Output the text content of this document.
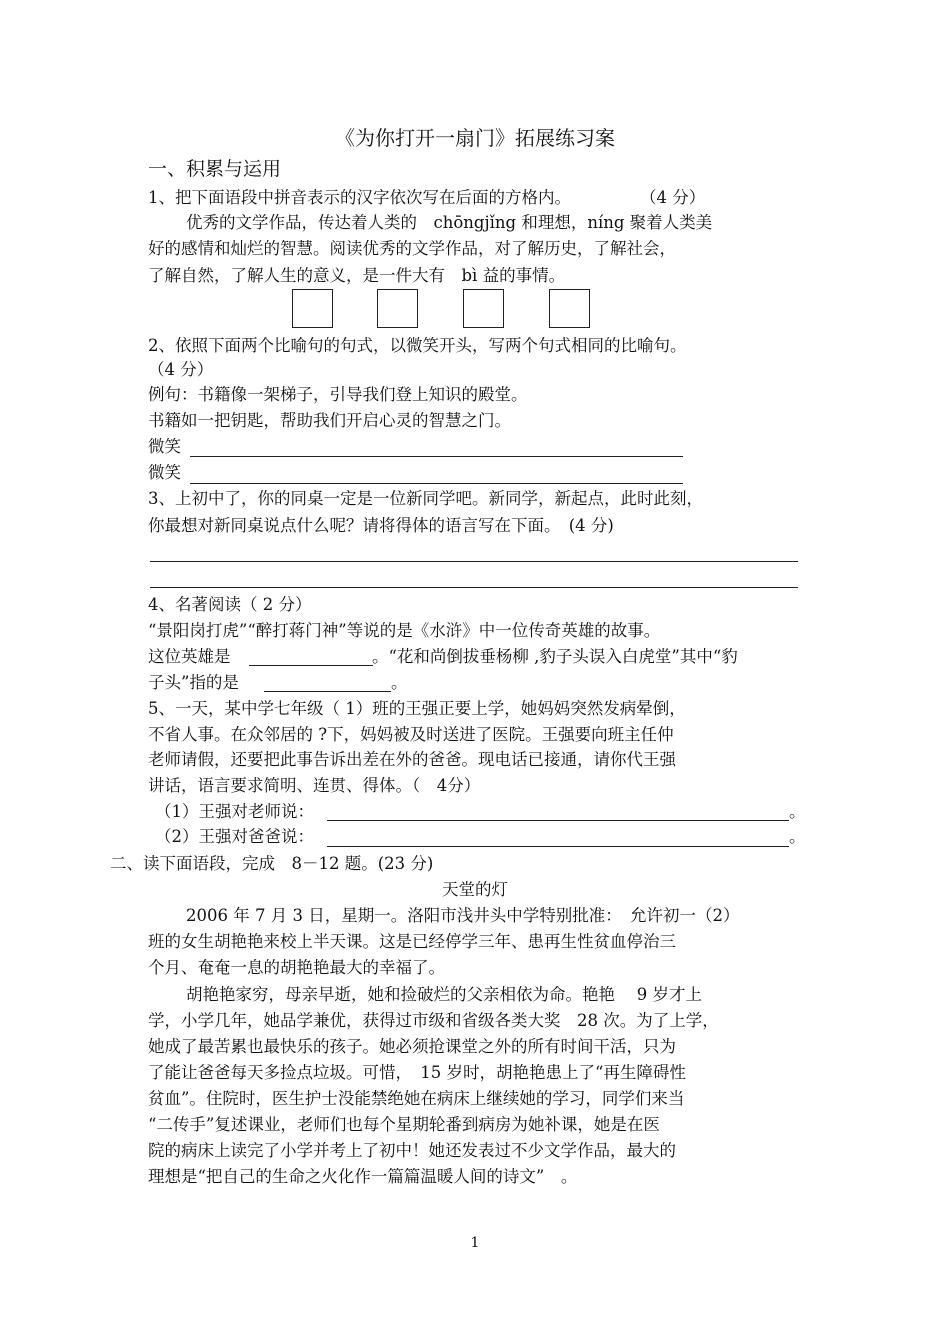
《为你打开一扇门》拓展练习案
一、积累与运用
1、把下面语段中拼音表示的汉字依次写在后面的方格内。	（4 分）
优秀的文学作品，传达着人类的　chōngjǐng 和理想，níng 聚着人类美
好的感情和灿烂的智慧。阅读优秀的文学作品，对了解历史，了解社会，
了解自然，了解人生的意义，是一件大有　bì 益的事情。
2、依照下面两个比喻句的句式，以微笑开头，写两个句式相同的比喻句。
（4 分）
例句：书籍像一架梯子，引导我们登上知识的殿堂。
书籍如一把钥匙，帮助我们开启心灵的智慧之门。
微笑
微笑
3、上初中了，你的同桌一定是一位新同学吧。新同学，新起点，此时此刻，
你最想对新同桌说点什么呢？请将得体的语言写在下面。　(4 分)
4、名著阅读（ 2 分）
“景阳岗打虎”“醉打蒋门神”等说的是《水浒》中一位传奇英雄的故事。
这位英雄是	。“花和尚倒拔垂杨柳 ,豹子头误入白虎堂”其中“豹
子头”指的是	。
5、一天，某中学七年级（ 1）班的王强正要上学，她妈妈突然发病晕倒，
不省人事。在众邻居的 ?下，妈妈被及时送进了医院。王强要向班主任仲
老师请假，还要把此事告诉出差在外的爸爸。现电话已接通，请你代王强
讲话，语言要求简明、连贯、得体。（　4分）
（1）王强对老师说：	。
（2）王强对爸爸说：	。
二、读下面语段，完成　8－12 题。(23 分)
天堂的灯
2006 年 7 月 3 日，星期一。洛阳市浅井头中学特别批准：　允许初一（2）
班的女生胡艳艳来校上半天课。这是已经停学三年、患再生性贫血停治三
个月、奄奄一息的胡艳艳最大的幸福了。
胡艳艳家穷，母亲早逝，她和捡破烂的父亲相依为命。艳艳　 9 岁才上
学，小学几年，她品学兼优，获得过市级和省级各类大奖　28 次。为了上学，
她成了最苦累也最快乐的孩子。她必须抢课堂之外的所有时间干活，只为
了能让爸爸每天多捡点垃圾。可惜，　15 岁时，胡艳艳患上了“再生障碍性
贫血”。住院时，医生护士没能禁绝她在病床上继续她的学习，同学们来当
“二传手”复述课业，老师们也每个星期轮番到病房为她补课，她是在医
院的病床上读完了小学并考上了初中！她还发表过不少文学作品，最大的
理想是“把自己的生命之火化作一篇篇温暖人间的诗文”　。
1
